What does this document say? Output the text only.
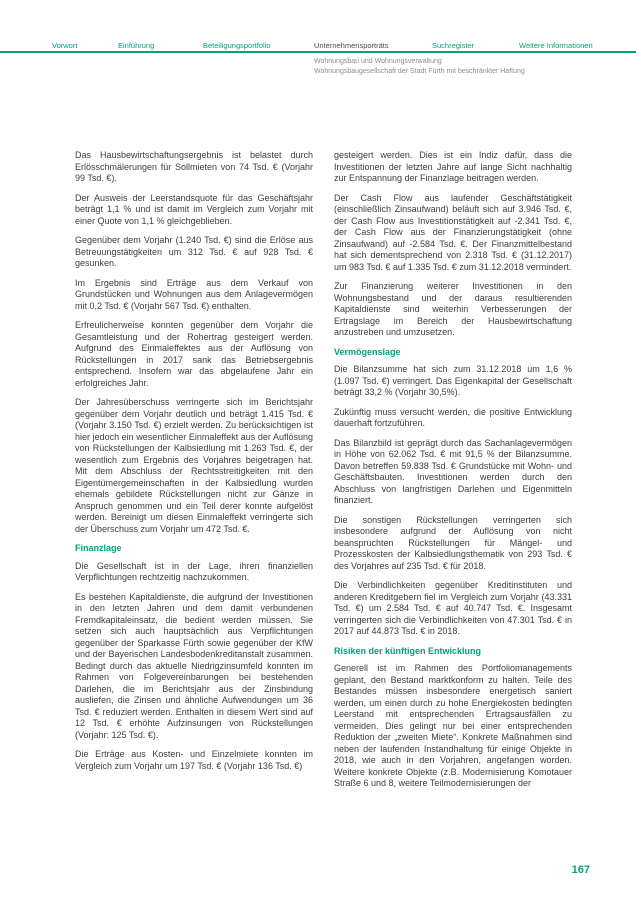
Vorwort	Einführung	Beteiligungsportfolio	Unternehmensporträts	Suchregister	Weitere Informationen
Wohnungsbau und Wohnungsverwaltung
Wohnungsbaugesellschaft der Stadt Fürth mit beschränkter Haftung

Das Hausbewirtschaftungsergebnis ist belastet durch Erlösschmälerungen für Sollmieten von 74 Tsd. € (Vorjahr 99 Tsd. €).

Der Ausweis der Leerstandsquote für das Geschäftsjahr beträgt 1,1 % und ist damit im Vergleich zum Vorjahr mit einer Quote von 1,1 % gleichgeblieben.

Gegenüber dem Vorjahr (1.240 Tsd. €) sind die Erlöse aus Betreuungstätigkeiten um 312 Tsd. € auf 928 Tsd. € gesunken.

Im Ergebnis sind Erträge aus dem Verkauf von Grundstücken und Wohnungen aus dem Anlagevermögen mit 0,2 Tsd. € (Vorjahr 567 Tsd. €) enthalten.

Erfreulicherweise konnten gegenüber dem Vorjahr die Gesamtleistung und der Rohertrag gesteigert werden. Aufgrund des Einmaleffektes aus der Auflösung von Rückstellungen in 2017 sank das Betriebsergebnis entsprechend. Insofern war das abgelaufene Jahr ein erfolgreiches Jahr.

Der Jahresüberschuss verringerte sich im Berichtsjahr gegenüber dem Vorjahr deutlich und beträgt 1.415 Tsd. € (Vorjahr 3.150 Tsd. €) erzielt werden. Zu berücksichtigen ist hier jedoch ein wesentlicher Einmaleffekt aus der Auflösung von Rückstellungen der Kalbsiedlung mit 1.263 Tsd. €, der wesentlich zum Ergebnis des Vorjahres beigetragen hat. Mit dem Abschluss der Rechtsstreitigkeiten mit den Eigentümergemeinschaften in der Kalbsiedlung wurden ehemals gebildete Rückstellungen nicht zur Gänze in Anspruch genommen und ein Teil derer konnte aufgelöst werden. Bereinigt um diesen Einmaleffekt verringerte sich der Überschuss zum Vorjahr um 472 Tsd. €.

Finanzlage

Die Gesellschaft ist in der Lage, ihren finanziellen Verpflichtungen rechtzeitig nachzukommen.

Es bestehen Kapitaldienste, die aufgrund der Investitionen in den letzten Jahren und dem damit verbundenen Fremdkapitaleinsatz, die bedient werden müssen. Sie setzen sich auch hauptsächlich aus Verpflichtungen gegenüber der Sparkasse Fürth sowie gegenüber der KfW und der Bayerischen Landesbodenkreditanstalt zusammen. Bedingt durch das aktuelle Niedrigzinsumfeld konnten im Rahmen von Folgevereinbarungen bei bestehenden Darlehen, die im Berichtsjahr aus der Zinsbindung ausliefen, die Zinsen und ähnliche Aufwendungen um 36 Tsd. € reduziert werden. Enthalten in diesem Wert sind auf 12 Tsd. € erhöhte Aufzinsungen von Rückstellungen (Vorjahr: 125 Tsd. €).

Die Erträge aus Kosten- und Einzelmiete konnten im Vergleich zum Vorjahr um 197 Tsd. € (Vorjahr 136 Tsd. €)

gesteigert werden. Dies ist ein Indiz dafür, dass die Investitionen der letzten Jahre auf lange Sicht nachhaltig zur Entspannung der Finanzlage beitragen werden.

Der Cash Flow aus laufender Geschäftstätigkeit (einschließlich Zinsaufwand) beläuft sich auf 3.946 Tsd. €, der Cash Flow aus Investitionstätigkeit auf -2.341 Tsd. €, der Cash Flow aus der Finanzierungstätigkeit (ohne Zinsaufwand) auf -2.584 Tsd. €. Der Finanzmittelbestand hat sich dementsprechend von 2.318 Tsd. € (31.12.2017) um 983 Tsd. € auf 1.335 Tsd. € zum 31.12.2018 vermindert.

Zur Finanzierung weiterer Investitionen in den Wohnungsbestand und der daraus resultierenden Kapitaldienste sind weiterhin Verbesserungen der Ertragslage im Bereich der Hausbewirtschaftung anzustreben und umzusetzen.

Vermögenslage

Die Bilanzsumme hat sich zum 31.12.2018 um 1,6 % (1.097 Tsd. €) verringert. Das Eigenkapital der Gesellschaft beträgt 33,2 % (Vorjahr 30,5%).

Zukünftig muss versucht werden, die positive Entwicklung dauerhaft fortzuführen.

Das Bilanzbild ist geprägt durch das Sachanlagevermögen in Höhe von 62.062 Tsd. € mit 91,5 % der Bilanzsumme. Davon betreffen 59.838 Tsd. € Grundstücke mit Wohn- und Geschäftsbauten. Investitionen werden durch den Abschluss von langfristigen Darlehen und Eigenmitteln finanziert.

Die sonstigen Rückstellungen verringerten sich insbesondere aufgrund der Auflösung von nicht beanspruchten Rückstellungen für Mängel- und Prozesskosten der Kalbsiedlungsthematik von 293 Tsd. € des Vorjahres auf 235 Tsd. € für 2018.

Die Verbindlichkeiten gegenüber Kreditinstituten und anderen Kreditgebern fiel im Vergleich zum Vorjahr (43.331 Tsd. €) um 2.584 Tsd. € auf 40.747 Tsd. €. Insgesamt verringerten sich die Verbindlichkeiten von 47.301 Tsd. € in 2017 auf 44.873 Tsd. € in 2018.

Risiken der künftigen Entwicklung

Generell ist im Rahmen des Portfoliomanagements geplant, den Bestand marktkonform zu halten. Teile des Bestandes müssen insbesondere energetisch saniert werden, um einen durch zu hohe Energiekosten bedingten Leerstand mit entsprechenden Ertragsausfällen zu vermeiden. Dies gelingt nur bei einer entsprechenden Reduktion der „zweiten Miete“. Konkrete Maßnahmen sind neben der laufenden Instandhaltung für einige Objekte in 2018, wie auch in den Vorjahren, angefangen worden. Weitere konkrete Objekte (z.B. Modernisierung Komotauer Straße 6 und 8, weitere Teilmodernisierungen der

167
